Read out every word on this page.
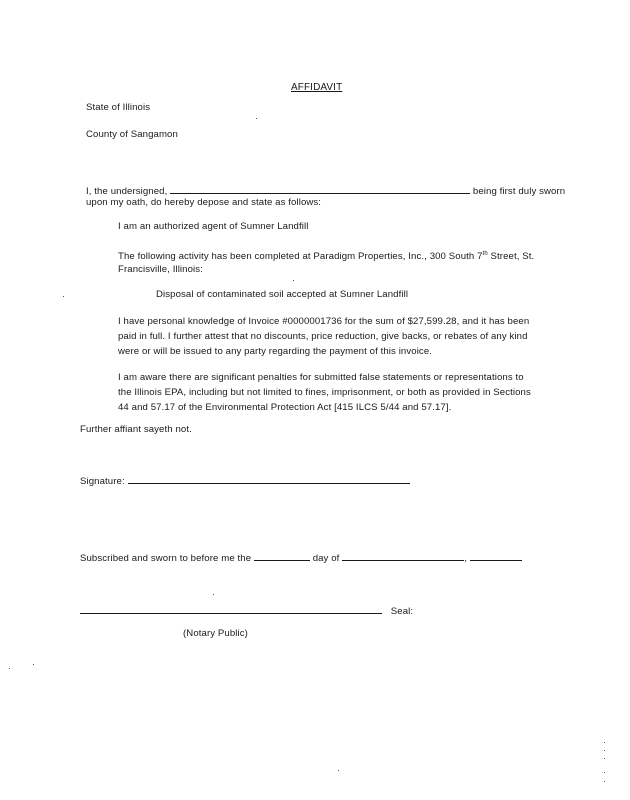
AFFIDAVIT
State of Illinois
County of Sangamon
I, the undersigned,	being first duly sworn
upon my oath, do hereby depose and state as follows:
I am an authorized agent of Sumner Landfill
The following activity has been completed at Paradigm Properties, Inc., 300 South 7th Street, St.
Francisville, Illinois:
Disposal of contaminated soil accepted at Sumner Landfill
I have personal knowledge of Invoice #0000001736 for the sum of $27,599.28, and it has been
paid in full. I further attest that no discounts, price reduction, give backs, or rebates of any kind
were or will be issued to any party regarding the payment of this invoice.
I am aware there are significant penalties for submitted false statements or representations to
the Illinois EPA, including but not limited to fines, imprisonment, or both as provided in Sections
44 and 57.17 of the Environmental Protection Act [415 ILCS 5/44 and 57.17].
Further affiant sayeth not.
Signature:
Subscribed and sworn to before me the	day of	,
Seal:
(Notary Public)
